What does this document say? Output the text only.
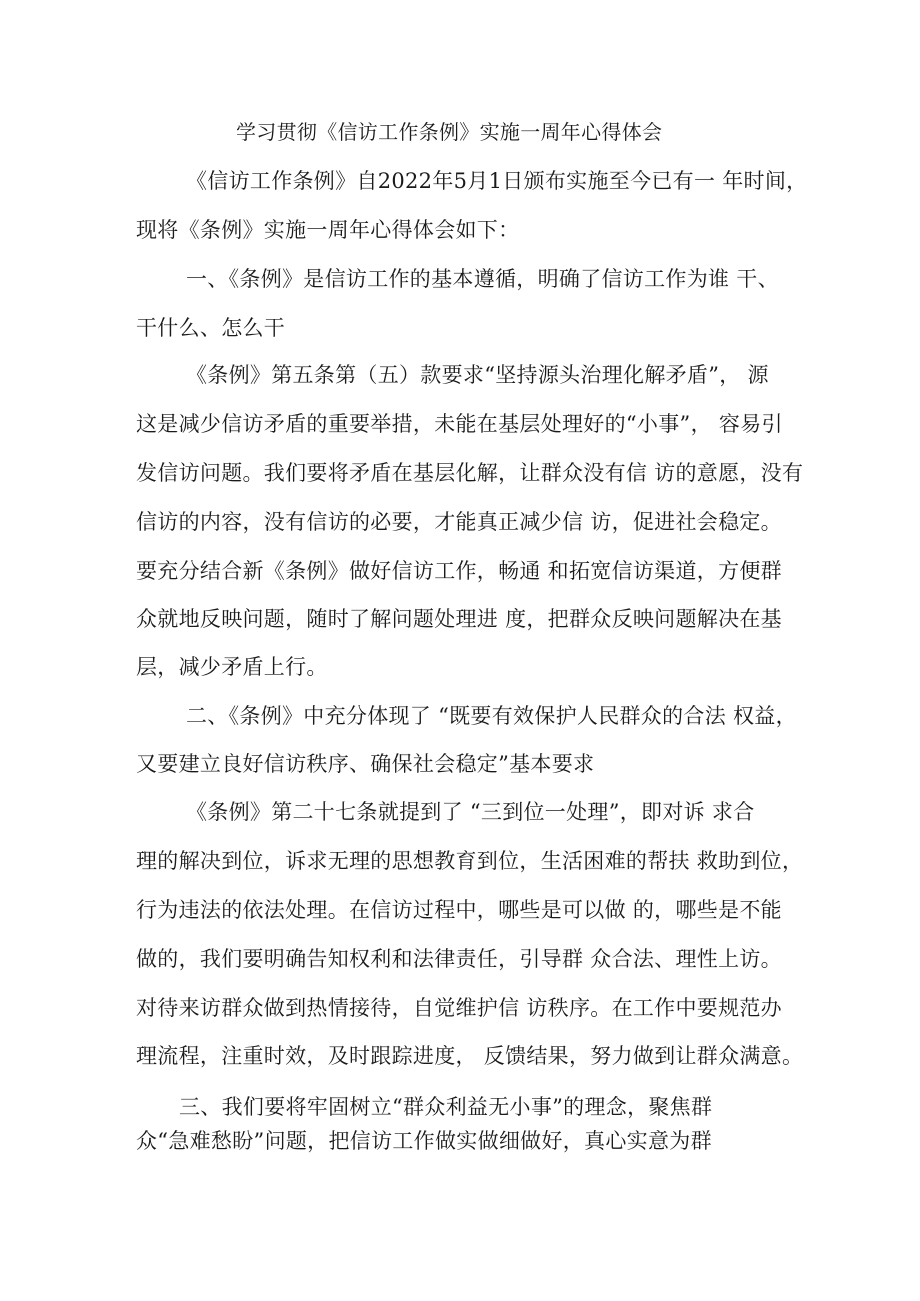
学习贯彻《信访工作条例》实施一周年心得体会
《信访工作条例》自2022年5月1日颁布实施至今已有一 年时间，
现将《条例》实施一周年心得体会如下：
一、《条例》是信访工作的基本遵循，明确了信访工作为谁 干、
干什么、怎么干
《条例》第五条第（五）款要求“坚持源头治理化解矛盾”， 源
这是减少信访矛盾的重要举措，未能在基层处理好的“小事”， 容易引
发信访问题。我们要将矛盾在基层化解，让群众没有信 访的意愿，没有
信访的内容，没有信访的必要，才能真正减少信 访，促进社会稳定。
要充分结合新《条例》做好信访工作，畅通 和拓宽信访渠道，方便群
众就地反映问题，随时了解问题处理进 度，把群众反映问题解决在基
层，减少矛盾上行。
二、《条例》中充分体现了 “既要有效保护人民群众的合法 权益，
又要建立良好信访秩序、确保社会稳定”基本要求
《条例》第二十七条就提到了 “三到位一处理”，即对诉 求合
理的解决到位，诉求无理的思想教育到位，生活困难的帮扶 救助到位，
行为违法的依法处理。在信访过程中，哪些是可以做 的，哪些是不能
做的，我们要明确告知权利和法律责任，引导群 众合法、理性上访。
对待来访群众做到热情接待，自觉维护信 访秩序。在工作中要规范办
理流程，注重时效，及时跟踪进度， 反馈结果，努力做到让群众满意。
三、我们要将牢固树立“群众利益无小事”的理念，聚焦群
众“急难愁盼”问题，把信访工作做实做细做好，真心实意为群
